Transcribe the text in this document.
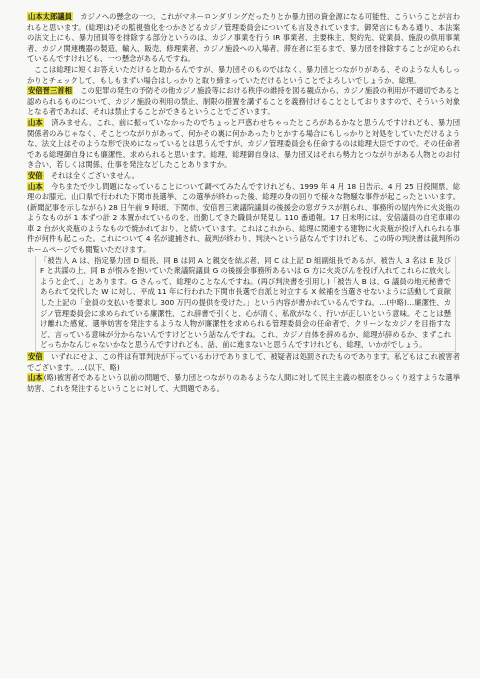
山本太郎議員　カジノへの懸念の一つ、これがマネーロンダリングだったりとか暴力団の資金源になる可能性、こういうことが言われると思います。(総理は)その監視強化をつかさどるカジノ管理委員会についても言及されています。御発言にもある通り、本法案の法文上にも、暴力団員等を排除する部分というのは、カジノ事業を行う IR 事業者、主要株主、契約先、従業員、施設の供用事業者、カジノ関連機器の製造、輸入、販売、修理業者、カジノ施設への入場者、滞在者に至るまで、暴力団を排除することが定められているんですけれども、一つ懸念があるんですね。

ここは総理に短くお答えいただけると助かるんですが、暴力団そのものではなく、暴力団とつながりがある、そのような人もしっかりとチェックして、もしもまずい場合はしっかりと取り締まっていただけるということでよろしいでしょうか、総理。

安倍晋三首相　この犯罪の発生の予防その他カジノ施設等における秩序の維持を図る観点から、カジノ施設の利用が不適切であると認められるものについて、カジノ施設の利用の禁止、制限の措置を講ずることを義務付けることとしておりますので、そういう対象となる者であれば、それは禁止することができるということでございます。

山本　済みません、これ、前に振っていなかったのでちょっと戸惑わせちゃったところがあるかなと思うんですけれども、暴力団関係者のみじゃなく、そことつながりがあって、何かその裏に何かあったりとかする場合にもしっかりと対処をしていただけるような、法文上はそのような形で決めになっているとは思うんですが、カジノ管理委員会も任命するのは総理大臣ですので。その任命者である総理御自身にも廉潔性、求められると思います。総理、総理御自身は、暴力団又はそれら勢力とつながりがある人物とのお付き合い、若しくは関係、仕事を発注などしたことありますか。

安倍　それは全くございません。

山本　今ちまたで少し問題になっていることについて調べてみたんですけれども、1999 年 4 月 18 日告示、4 月 25 日投開票、総理のお膝元、山口県で行われた下関市長選挙、この選挙が終わった後、総理の身の回りで様々な物騒な事件が起こったといいます。(新聞記事を示しながら) 28 日午前 9 時頃、下関市、安倍晋三衆議院議員の後援会の窓ガラスが割られ、事務所の屋内外に火炎瓶のようなものが 1 本ずつ計 2 本置かれているのを、出勤してきた職員が発見し 110 番通報。17 日未明には、安倍議員の自宅車庫の車 2 台が火炎瓶のようなもので焼かれており、と続いています。これはこれから、総理に関連する建物に火炎瓶が投げ入れられる事件が何件も起こった。これについて 4 名が逮捕され、裁判が終わり、判決へという話なんですけれども、この時の判決書は裁判所のホームページでも閲覧いただけます。

「被告人 A は、指定暴力団 D 組長、同 B は同 A と親交を結ぶ者、同 C は上記 D 組副組長であるが、被告人 3 名は E 及び F と共謀の上、同 B が恨みを抱いていた衆議院議員 G の後援会事務所あるいは G 方に火炎びんを投げ入れてこれらに放火しようと企て、」とあります。G さんって、総理のことなんですね。(再び判決書を引用し)「被告人 B は、G 議員の地元秘書であられて交代した W に対し、平成 11 年に行われた下関市長選で自派と対立する X 候補を当選させないように活動して貢献した上記の「金員の支払いを要求し 300 万円の提供を受けた。」という内容が書かれているんですね。…(中略)…廉潔性、カジノ管理委員会に求められている廉潔性、これ辞書で引くと、心が清く、私欲がなく、行いが正しいという意味。そことは懸け離れた感覚、選挙妨害を発注するような人物が廉潔性を求められる管理委員会の任命者で、クリーンなカジノを目指すなど、言っている意味が分からないんですけどという話なんですね。これ、カジノ自体を辞めるか、総理が辞めるか、まずこれどっちかなんじゃないかなと思うんですけれども、話、前に進まないと思うんですけれども、総理、いかがでしょう。

安倍　いずれにせよ、この件は有罪判決が下っているわけでありまして、被疑者は処罰されたものであります。私どもはこれ被害者でございます。…(以下、略)

山本(略)被害者であるという以前の問題で、暴力団とつながりのあるような人間に対して民主主義の根底をひっくり返すような選挙妨害、これを発注するということに対して、大問題である。
